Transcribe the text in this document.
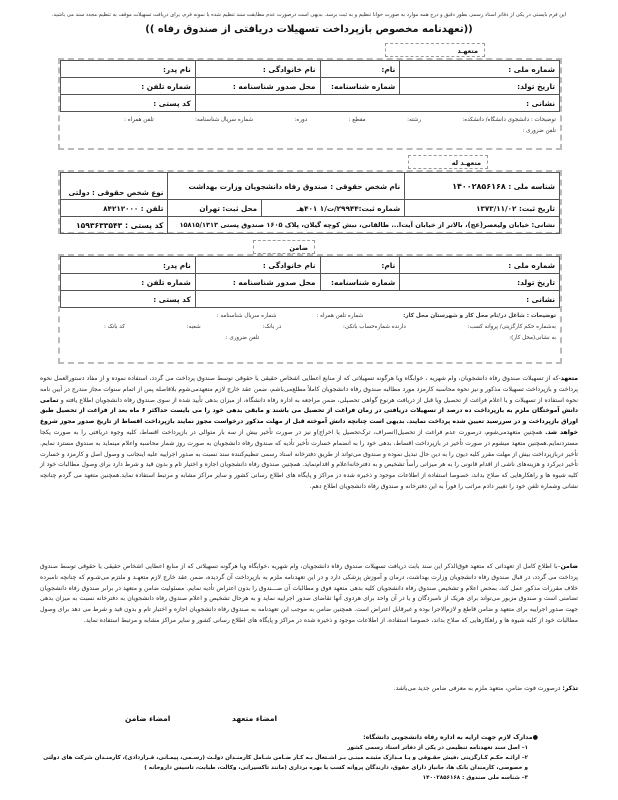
این فرم بایستی در یکی از دفاتر اسناد رسمی بطور دقیق و درج همه موارد به صورت خوانا تنظیم و به ثبت برسد. بدیهی است درصورت عدم مطابقت سند تنظیم شده با نمونه فرم، برای دریافت تسهیلات موقف به تنظیم مجدد سند می باشید.
((تعهدنامه مخصوص بازپرداخت تسهیلات دریافتی از صندوق رفاه ))
متعهـد
شماره ملی :	نام:	نام خانوادگی :	نام پدر:
تاریخ تولد:	شماره شناسنامه:	محل صدور شناسنامه :	شماره تلفن :
نشانی :			کد پستی :
توضیحات : دانشجوی دانشگاه/ دانشکده:
رشته:
مقطع :
دوره:
شماره سریال شناسنامه:
تلفن همراه :
تلفن ضروری :
متعهـد له
شناسه ملی : ۱۴۰۰۲۸۵۶۱۶۸	نام شخص حقوقی : صندوق رفاه دانشجویان وزارت بهداشت		نوع شخص حقوقی : دولتی
تاریخ ثبت: ۱۳۷۳/۱۱/۰۲	شماره ثبت:۲۹۹۴۴/ت/۱ ۴۰۱هـ	محل ثبت: تهران	تلفن : ۸۴۲۱۲۰۰۰
نشانی: خیابان ولیعصر(عج)، بالاتر از خیابان آیت‌ا... طالقانی، نبش کوچه گیلان، پلاک ۱۶۰۵ صندوق پستی ۱۵۸۱۵/۱۳۱۳			کد پستی : ۱۵۹۳۶۳۳۵۴۳
ضامن
شماره ملی :	نام:	نام خانوادگی :	نام پدر:
تاریخ تولد:	شماره شناسنامه:	محل صدور شناسنامه :	شماره تلفن :
نشانی :			کد پستی :
توضیحات : شاغل در/نام محل کار و شهرستان محل کار:
شماره تلفن همراه :
شماره سریال شناسنامه :
به‌شماره حکم کارگزینی/ پروانه کسب:
دارنده شماره‌حساب بانکی:
در بانک:
شعبه:
کد بانک :
به نشانی(محل کار):
تلفن ضروری :
متعهد-که از تسهیلات صندوق رفاه دانشجویان، وام شهریه ، خوابگاه ویا هرگونه تسهیلاتی که از منابع اعطایی اشخاص حقیقی یا حقوقی توسط صندوق پرداخت می گردد، استفاده نموده و از مفاد دستورالعمل نحوه پرداخت و بازپرداخت تسهیلات مذکور و نیز نحوه محاسبه کارمزد مورد مطالبه صندوق رفاه دانشجویان کاملاً مطلع‌می‌باشم، ضمن عقد خارج لازم متعهدمی‌شوم بلافاصله پس از اتمام سنوات مجاز مندرج در آیین نامه نحوه استفاده از تسهیلات و یا اعلام فراغت از تحصیل ویا قبل از دریافت هرنوع گواهی تحصیلی، ضمن مراجعه به اداره رفاه دانشگاه، از میزان بدهی تأیید شده از سوی صندوق رفاه دانشجویان اطلاع یافته و تمامی دانش آموختگان ملزم به بازپرداخت ده درصد از تسهیلات دریافتی در زمان فراغت از تحصیل می باشند و مابقی بدهی خود را می بایست حداکثر ۶ ماه بعد از فراغت از تحصیل طبق اوراق بازپرداخت و در سررسید تعیین شده پرداخت نمایند. بدیهی است چنانچه دانش آموخته قبل از مهلت مذکور درخواست مجوز نمایند بازپرداخت اقساط از تاریخ صدور مجوز شروع خواهد شد. همچنین متعهدمی‌شوم، درصورت عدم فراغت از تحصیل(انصراف، ترک‌تحصیل یا اخراج)و نیز در صورت تأخیر بیش از سه بار متوالی در بازپرداخت اقساط، کلیه وجوه دریافتی را به صورت یکجا مستردنمایم.همچنین متعهد میشوم در صورت تأخیر در بازپرداخت اقساط، بدهی خود را به انضمام خسارت تأخیر تأدیه که صندوق رفاه دانشجویان به صورت روز شمار محاسبه واعلام مینماید به صندوق مسترد نمایم. تأخیر دربازپرداخت بیش از مهلت مقرر کلیه دیون را به دین حال تبدیل نموده و صندوق می‌تواند از طریق دفترخانه اسناد رسمی تنظیم‌کننده سند نسبت به صدور اجراییه علیه اینجانب و وصول اصل و کارمزد و خسارت تأخیر دیرکرد و هزینه‌های ناشی از اقدام قانونی را به هر میزانی رأساً تشخیص و به دفترخانه‌اعلام و اقدام‌نماید. همچنین صندوق رفاه دانشجویان اجازه و اختیار تام و بدون قید و شرط دارد برای وصول مطالبات خود از کلیه شیوه ها و راهکارهایی که صلاح بداند، خصوصا استفاده از اطلاعات موجود و ذخیره شده در مراکز و پایگاه های اطلاع رسانی کشور و سایر مراکز مشابه و مرتبط استفاده نماید.همچنین متعهد می گردم چنانچه نشانی وشماره تلفن خود را تغییر دادم مراتب را فوراً به این دفترخانه و صندوق رفاه دانشجویان اطلاع دهم.
ضامن–با اطلاع کامل از تعهداتی که متعهد فوق‌الذکر این سند بابت دریافت تسهیلات صندوق رفاه دانشجویان، وام شهریه ،خوابگاه ویا هرگونه تسهیلاتی که از منابع اعطایی اشخاص حقیقی یا حقوقی توسط صندوق پرداخت می گردد، در قبال صندوق رفاه دانشجویان وزارت بهداشت، درمان و آموزش پزشکی دارد و در این تعهدنامه ملزم به بازپرداخت آن گردیده، ضمن عقد خارج لازم متعهـد و ملتزم می‌شـوم که چنانچه نامبرده خلاف مقررات مذکور عمل کند، بمحض اعلام و تشخیص صندوق رفاه دانشجویان کلیه بدهی متعهد فوق و مطالبات آن صـــندوق را بدون اعتراض تأدیه نمایم. مسئولیت ضامن و متعهد در برابر صندوق رفاه دانشجویان تضامنی است و صندوق مزبور می‌تواند برای هریک از نامبردگان و یا در آن واحد برای هردوی آنها تقاضای صدور اجراییه نماید و به هرحال تشخیص و اعلام صندوق رفاه دانشجویان به دفترخانه نسبت به میزان بدهی جهت صدور اجراییه برای متعهد و ضامن قاطع و لازم‌الاجرا بوده و غیرقابل اعتراض است. همچنین ضامن به موجب این تعهدنامه به صندوق رفاه دانشجویان اجازه و اختیار تام و بدون قید و شرط می دهد برای وصول مطالبات خود از کلیه شیوه ها و راهکارهایی که صلاح بداند، خصوصا استفاده، از اطلاعات موجود و ذخیره شده در مراکز و پایگاه های اطلاع رسانی کشور و سایر مراکز مشابه و مرتبط استفاده نماید.
تذکر: درصورت فوت ضامن، متعهد ملزم به معرفی ضامن جدید می‌باشد.
امضاء متعهد
امضاء ضامن
●مدارک لازم جهت ارایه به اداره رفاه دانشجویی دانشگاه:
۱– اصل سند تعهدنامه تنظیمی در یکی از دفاتر اسناد رسمی کشور
۲– ارائـه حکـم کـارگزینی ،فیش حقـوقی و یـا مـدارک مثبتـه مبنـی بـر اشـتغال بـه کـار ضـامن شـامل کارمنـدان دولـت (رسـمی، پیمـانی، قـراردادی)، کارمنـدان شرکت های دولتی و خصوصی، کارمندان بانک ها، جانباز دارای حقوق، دارندگان پروانه کسب یا بهره برداری (مانند تاکسیرانی، وکالت، طبابت، تاسیس داروخانه )
۳– شناسه ملی صندوق : ۱۴۰۰۲۸۵۶۱۶۸
